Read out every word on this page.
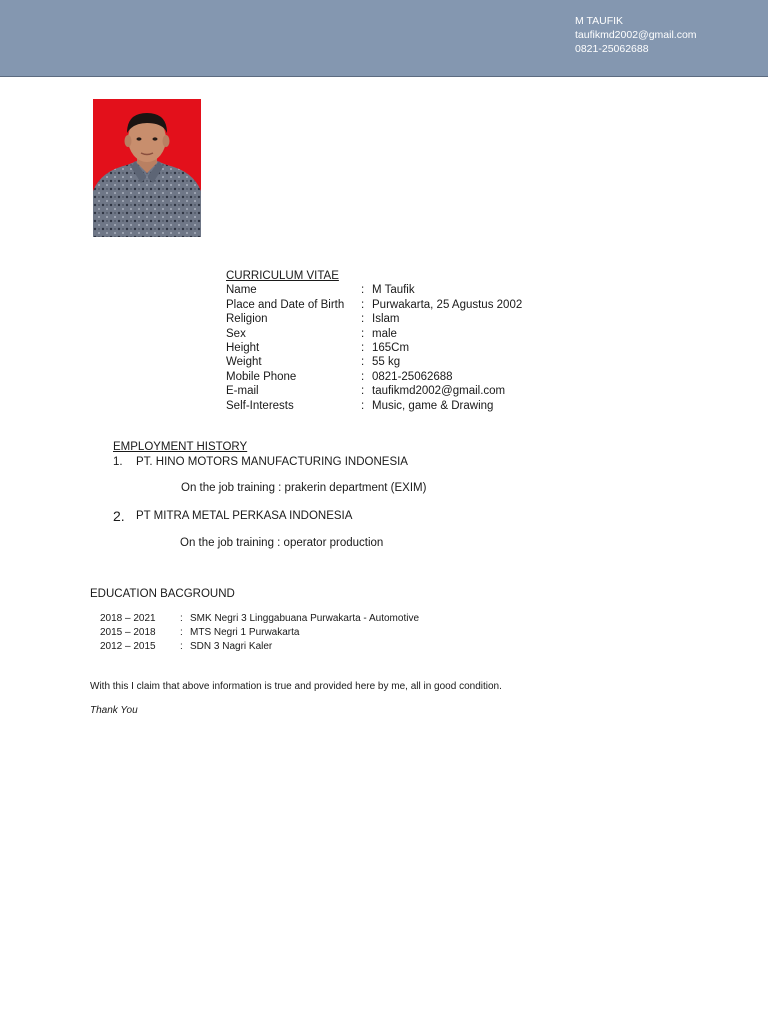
M TAUFIK
taufikmd2002@gmail.com
0821-25062688
CURRICULUM VITAE
Name	: M Taufik
Place and Date of Birth : Purwakarta, 25 Agustus 2002
Religion	: Islam
Sex	: male
Height	: 165Cm
Weight	: 55 kg
Mobile Phone	: 0821-25062688
E-mail	: taufikmd2002@gmail.com
Self-Interests	: Music, game & Drawing
EMPLOYMENT HISTORY
1. PT. HINO MOTORS MANUFACTURING INDONESIA
On the job training : prakerin department (EXIM)
2. PT MITRA METAL PERKASA INDONESIA
On the job training : operator production
EDUCATION BACGROUND
2018 – 2021 : SMK Negri 3 Linggabuana Purwakarta - Automotive
2015 – 2018 : MTS Negri 1 Purwakarta
2012 – 2015 : SDN 3 Nagri Kaler
With this I claim that above information is true and provided here by me, all in good condition.
Thank You
